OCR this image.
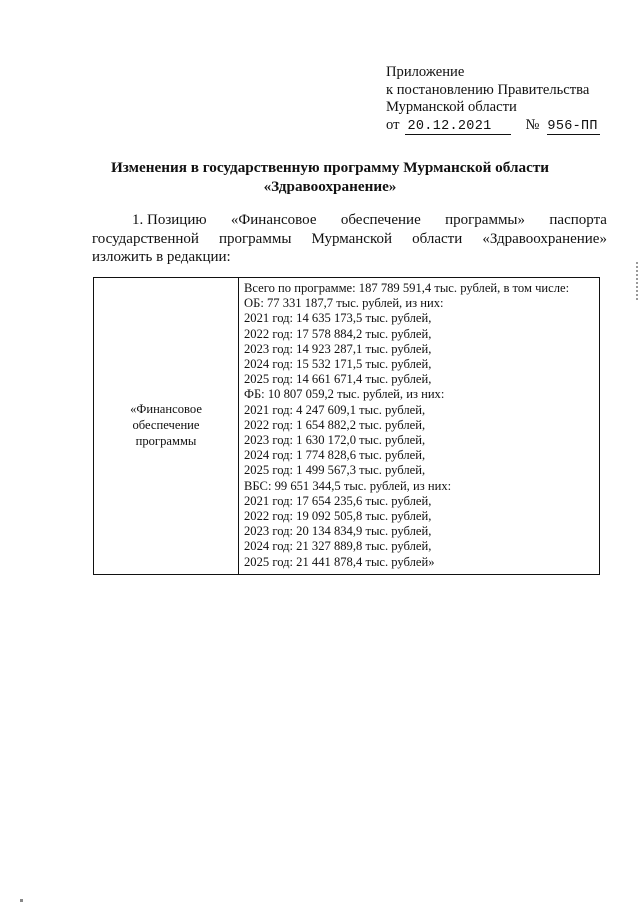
Приложение
к постановлению Правительства
Мурманской области
от 20.12.2021	№ 956-ПП
Изменения в государственную программу Мурманской области
«Здравоохранение»
1. Позицию «Финансовое обеспечение программы» паспорта
государственной программы Мурманской области «Здравоохранение»
изложить в редакции:
«Финансовое
обеспечение
программы
Всего по программе: 187 789 591,4 тыс. рублей, в том числе:
ОБ: 77 331 187,7 тыс. рублей, из них:
2021 год: 14 635 173,5 тыс. рублей,
2022 год: 17 578 884,2 тыс. рублей,
2023 год: 14 923 287,1 тыс. рублей,
2024 год: 15 532 171,5 тыс. рублей,
2025 год: 14 661 671,4 тыс. рублей,
ФБ: 10 807 059,2 тыс. рублей, из них:
2021 год: 4 247 609,1 тыс. рублей,
2022 год: 1 654 882,2 тыс. рублей,
2023 год: 1 630 172,0 тыс. рублей,
2024 год: 1 774 828,6 тыс. рублей,
2025 год: 1 499 567,3 тыс. рублей,
ВБС: 99 651 344,5 тыс. рублей, из них:
2021 год: 17 654 235,6 тыс. рублей,
2022 год: 19 092 505,8 тыс. рублей,
2023 год: 20 134 834,9 тыс. рублей,
2024 год: 21 327 889,8 тыс. рублей,
2025 год: 21 441 878,4 тыс. рублей»
